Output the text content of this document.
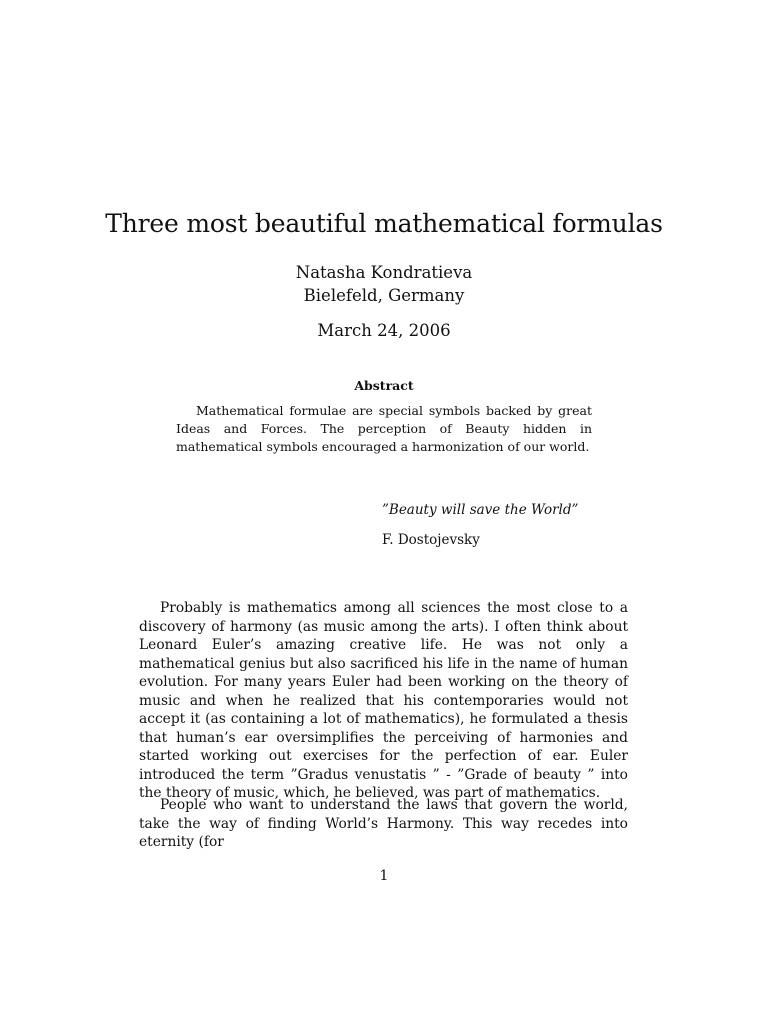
Three most beautiful mathematical formulas
Natasha Kondratieva
Bielefeld, Germany
March 24, 2006
Abstract
Mathematical formulae are special symbols backed by great Ideas and Forces. The perception of Beauty hidden in mathematical symbols encouraged a harmonization of our world.
”Beauty will save the World”
F. Dostojevsky
Probably is mathematics among all sciences the most close to a discovery of harmony (as music among the arts). I often think about Leonard Euler’s amazing creative life. He was not only a mathematical genius but also sacrificed his life in the name of human evolution. For many years Euler had been working on the theory of music and when he realized that his contemporaries would not accept it (as containing a lot of mathematics), he formulated a thesis that human’s ear oversimplifies the perceiving of harmonies and started working out exercises for the perfection of ear. Euler introduced the term ”Gradus venustatis ” - ”Grade of beauty ” into the theory of music, which, he believed, was part of mathematics.
People who want to understand the laws that govern the world, take the way of finding World’s Harmony. This way recedes into eternity (for
1
